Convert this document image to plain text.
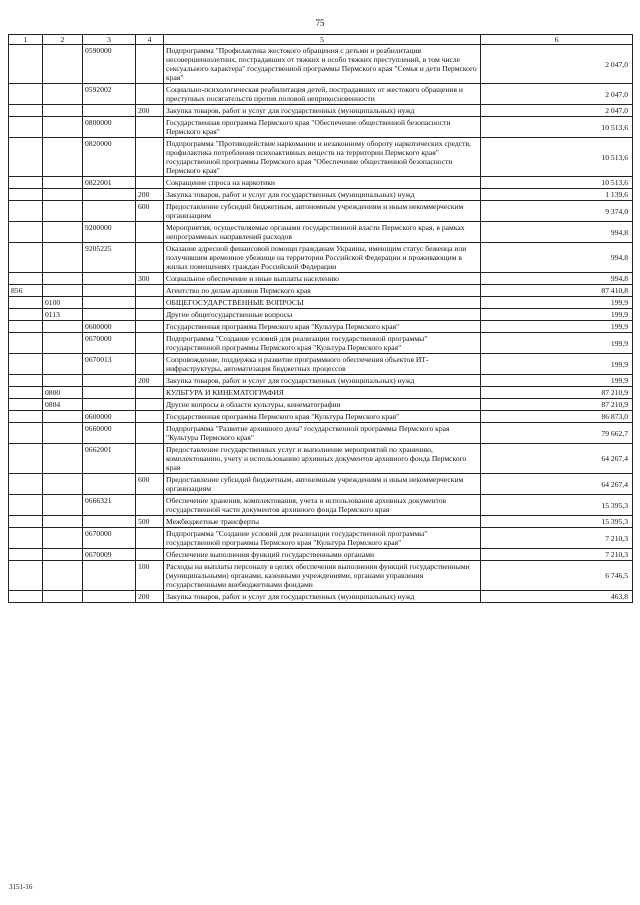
75
1	2	3	4	5	6
		0590000		Подпрограмма "Профилактика жестокого обращения с детьми и реабилитация несовершеннолетних, пострадавших от тяжких и особо тяжких преступлений, в том числе сексуального характера" государственной программы Пермского края "Семья и дети Пермского края"	2 047,0
		0592002		Социально-психологическая реабилитация детей, пострадавших от жестокого обращения и преступных посягательств против половой неприкосновенности	2 047,0
			200	Закупка товаров, работ и услуг для государственных (муниципальных) нужд	2 047,0
		0800000		Государственная программа Пермского края "Обеспечение общественной безопасности Пермского края"	10 513,6
		0820000		Подпрограмма "Противодействие наркомании и незаконному обороту наркотических средств, профилактика потребления психоактивных веществ на территории Пермского края" государственной программы Пермского края "Обеспечение общественной безопасности Пермского края"	10 513,6
		0822001		Сокращение спроса на наркотики	10 513,6
			200	Закупка товаров, работ и услуг для государственных (муниципальных) нужд	1 139,6
			600	Предоставление субсидий бюджетным, автономным учреждениям и иным некоммерческим организациям	9 374,0
		9200000		Мероприятия, осуществляемые органами государственной власти Пермского края, в рамках непрограммных направлений расходов	994,8
		9205225		Оказание адресной финансовой помощи гражданам Украины, имеющим статус беженца или получившим временное убежище на территории Российской Федерации и проживающим в жилых помещениях граждан Российской Федерации	994,8
			300	Социальное обеспечение и иные выплаты населению	994,8
856				Агентство по делам архивов Пермского края	87 410,8
	0100			ОБЩЕГОСУДАРСТВЕННЫЕ ВОПРОСЫ	199,9
	0113			Другие общегосударственные вопросы	199,9
		0600000		Государственная программа Пермского края "Культура Пермского края"	199,9
		0670000		Подпрограмма "Создание условий для реализации государственной программы" государственной программы Пермского края "Культура Пермского края"	199,9
		0670013		Сопровождение, поддержка и развитие программного обеспечения объектов ИТ-инфраструктуры, автоматизация бюджетных процессов	199,9
			200	Закупка товаров, работ и услуг для государственных (муниципальных) нужд	199,9
	0800			КУЛЬТУРА И КИНЕМАТОГРАФИЯ	87 210,9
	0804			Другие вопросы в области культуры, кинематографии	87 210,9
		0600000		Государственная программа Пермского края "Культура Пермского края"	86 873,0
		0660000		Подпрограмма "Развитие архивного дела" государственной программы Пермского края "Культура Пермского края"	79 662,7
		0662001		Предоставление государственных услуг и выполнение мероприятий по хранению, комплектованию, учету и использованию архивных документов архивного фонда Пермского края	64 267,4
			600	Предоставление субсидий бюджетным, автономным учреждениям и иным некоммерческим организациям	64 267,4
		0666321		Обеспечение хранения, комплектования, учета и использования архивных документов государственной части документов архивного фонда Пермского края	15 395,3
			500	Межбюджетные трансферты	15 395,3
		0670000		Подпрограмма "Создание условий для реализации государственной программы" государственной программы Пермского края "Культура Пермского края"	7 210,3
		0670009		Обеспечение выполнения функций государственными органами	7 210,3
			100	Расходы на выплаты персоналу в целях обеспечения выполнения функций государственными (муниципальными) органами, казенными учреждениями, органами управления государственными внебюджетными фондами	6 746,5
			200	Закупка товаров, работ и услуг для государственных (муниципальных) нужд	463,8
3151-16
